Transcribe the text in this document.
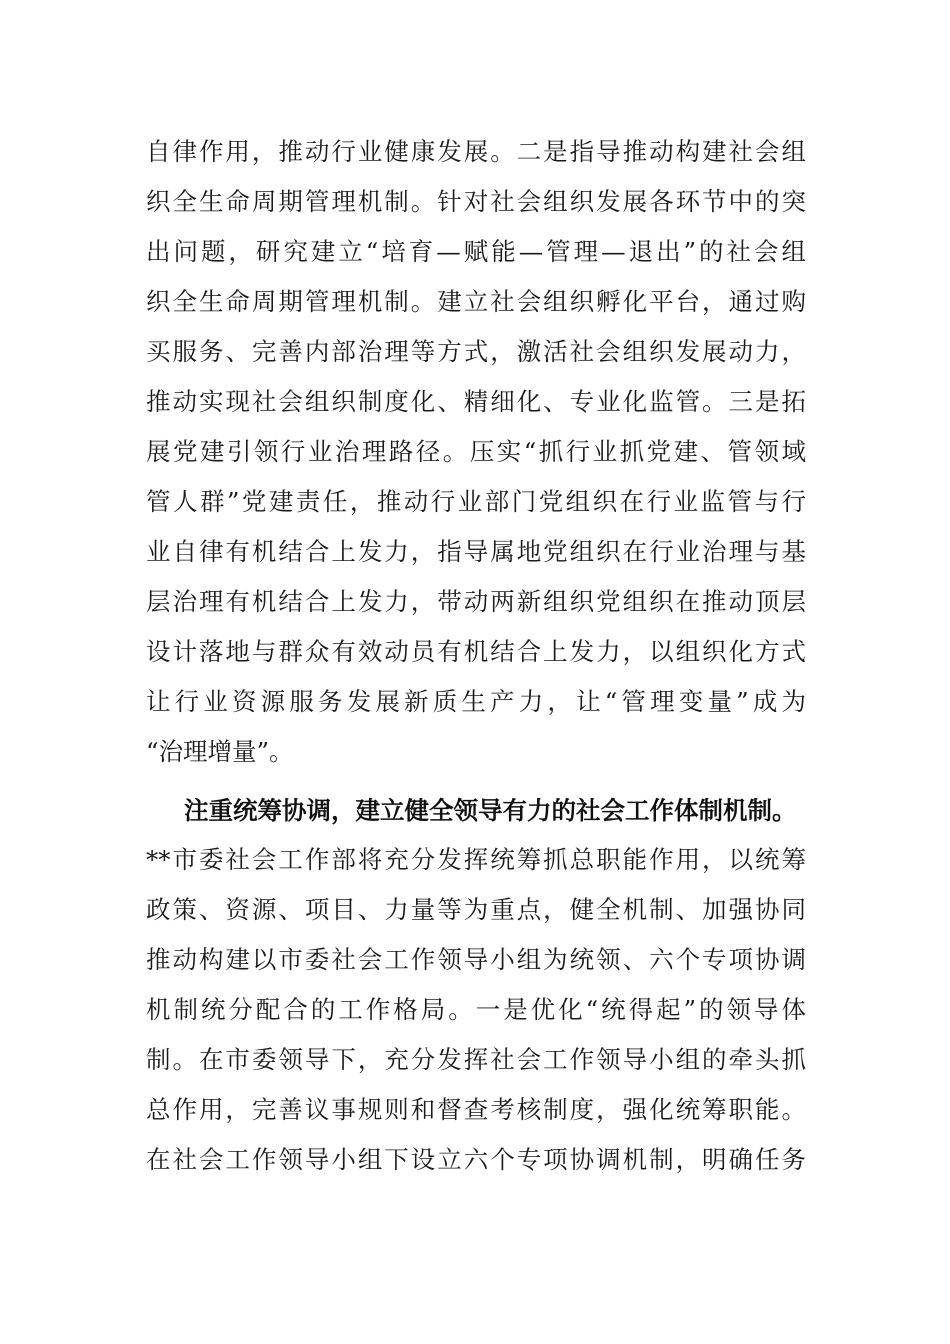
自律作用，推动行业健康发展。二是指导推动构建社会组
织全生命周期管理机制。针对社会组织发展各环节中的突
出问题，研究建立“培育—赋能—管理—退出”的社会组
织全生命周期管理机制。建立社会组织孵化平台，通过购
买服务、完善内部治理等方式，激活社会组织发展动力，
推动实现社会组织制度化、精细化、专业化监管。三是拓
展党建引领行业治理路径。压实“抓行业抓党建、管领域
管人群”党建责任，推动行业部门党组织在行业监管与行
业自律有机结合上发力，指导属地党组织在行业治理与基
层治理有机结合上发力，带动两新组织党组织在推动顶层
设计落地与群众有效动员有机结合上发力，以组织化方式
让行业资源服务发展新质生产力，让“管理变量”成为
“治理增量”。
注重统筹协调，建立健全领导有力的社会工作体制机制。
**市委社会工作部将充分发挥统筹抓总职能作用，以统筹
政策、资源、项目、力量等为重点，健全机制、加强协同
推动构建以市委社会工作领导小组为统领、六个专项协调
机制统分配合的工作格局。一是优化“统得起”的领导体
制。在市委领导下，充分发挥社会工作领导小组的牵头抓
总作用，完善议事规则和督查考核制度，强化统筹职能。
在社会工作领导小组下设立六个专项协调机制，明确任务
